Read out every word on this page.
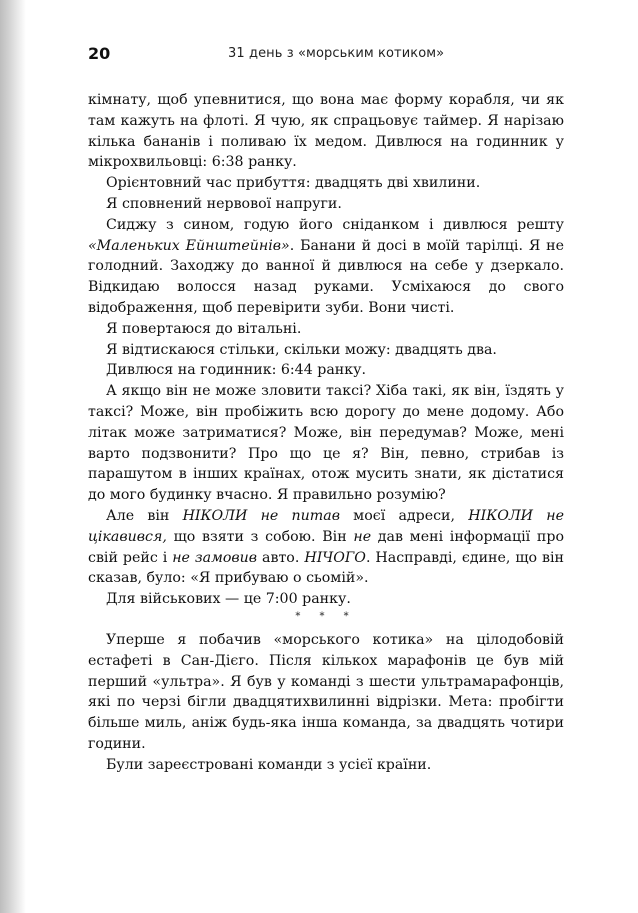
20	31 день з «морським котиком»

кімнату, щоб упевнитися, що вона має форму корабля, чи як там кажуть на флоті. Я чую, як спрацьовує таймер. Я нарізаю кілька бананів і поливаю їх медом. Дивлюся на годинник у мікрохвильовці: 6:38 ранку.

Орієнтовний час прибуття: двадцять дві хвилини.

Я сповнений нервової напруги.

Сиджу з сином, годую його сніданком і дивлюся решту «Маленьких Ейнштейнів». Банани й досі в моїй тарілці. Я не голодний. Заходжу до ванної й дивлюся на себе у дзеркало. Відкидаю волосся назад руками. Усміхаюся до свого відображення, щоб перевірити зуби. Вони чисті.

Я повертаюся до вітальні.

Я відтискаюся стільки, скільки можу: двадцять два.

Дивлюся на годинник: 6:44 ранку.

А якщо він не може зловити таксі? Хіба такі, як він, їздять у таксі? Може, він пробіжить всю дорогу до мене додому. Або літак може затриматися? Може, він передумав? Може, мені варто подзвонити? Про що це я? Він, певно, стрибав із парашутом в інших країнах, отож мусить знати, як дістатися до мого будинку вчасно. Я правильно розумію?

Але він НІКОЛИ не питав моєї адреси, НІКОЛИ не цікавився, що взяти з собою. Він не дав мені інформації про свій рейс і не замовив авто. НІЧОГО. Насправді, єдине, що він сказав, було: «Я прибуваю о сьомій».

Для військових — це 7:00 ранку.

* * *

Уперше я побачив «морського котика» на цілодобовій естафеті в Сан-Дієго. Після кількох марафонів це був мій перший «ультра». Я був у команді з шести ультрамарафонців, які по черзі бігли двадцятихвилинні відрізки. Мета: пробігти більше миль, аніж будь-яка інша команда, за двадцять чотири години.

Були зареєстровані команди з усієї країни.
